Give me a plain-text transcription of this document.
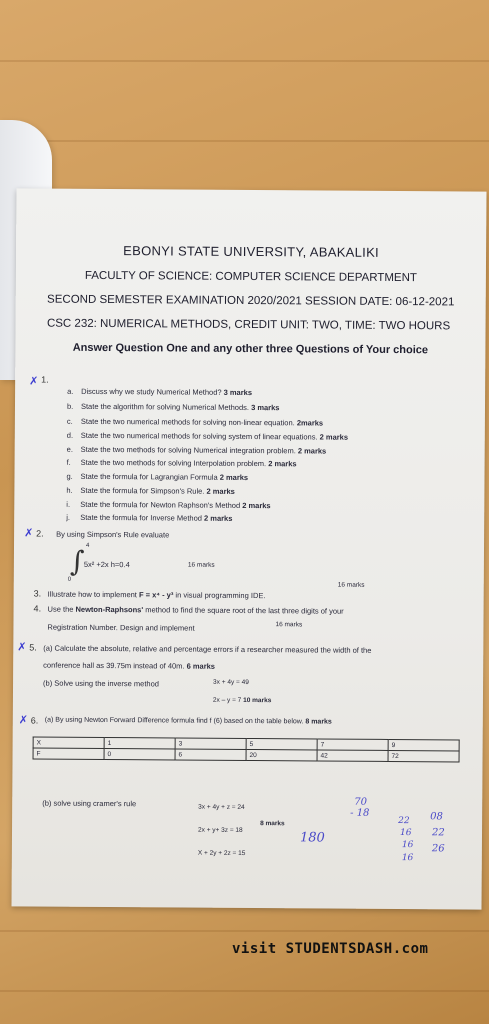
EBONYI STATE UNIVERSITY, ABAKALIKI
FACULTY OF SCIENCE: COMPUTER SCIENCE DEPARTMENT
SECOND SEMESTER EXAMINATION 2020/2021 SESSION DATE: 06-12-2021
CSC 232: NUMERICAL METHODS, CREDIT UNIT: TWO, TIME: TWO HOURS
Answer Question One and any other three Questions of Your choice
✗ 1.
a. Discuss why we study Numerical Method? 3 marks
b. State the algorithm for solving Numerical Methods. 3 marks
c. State the two numerical methods for solving non-linear equation. 2marks
d. State the two numerical methods for solving system of linear equations. 2 marks
e. State the two methods for solving Numerical integration problem. 2 marks
f. State the two methods for solving Interpolation problem. 2 marks
g. State the formula for Lagrangian Formula 2 marks
h. State the formula for Simpson's Rule. 2 marks
i. State the formula for Newton Raphson's Method 2 marks
j. State the formula for Inverse Method 2 marks
✗ 2. By using Simpson's Rule evaluate
4
∫ 5x² +2x h=0.4
0
16 marks
3. Illustrate how to implement F = x⁴ - y³ in visual programming IDE.
16 marks
4. Use the Newton-Raphsons' method to find the square root of the last three digits of your
Registration Number. Design and implement	16 marks
✗ 5. (a) Calculate the absolute, relative and percentage errors if a researcher measured the width of the
conference hall as 39.75m instead of 40m. 6 marks
(b) Solve using the inverse method	3x + 4y = 49
2x – y = 7 10 marks
✗ 6. (a) By using Newton Forward Difference formula find f (6) based on the table below. 8 marks
X	1	3	5	7	9
F	0	6	20	42	72
(b) solve using cramer's rule	3x + 4y + z = 24
2x + y+ 3z = 18
8 marks
X + 2y + 2z = 15
70
- 18
22
16
16
16
08
22
26
180
visit STUDENTSDASH.com
